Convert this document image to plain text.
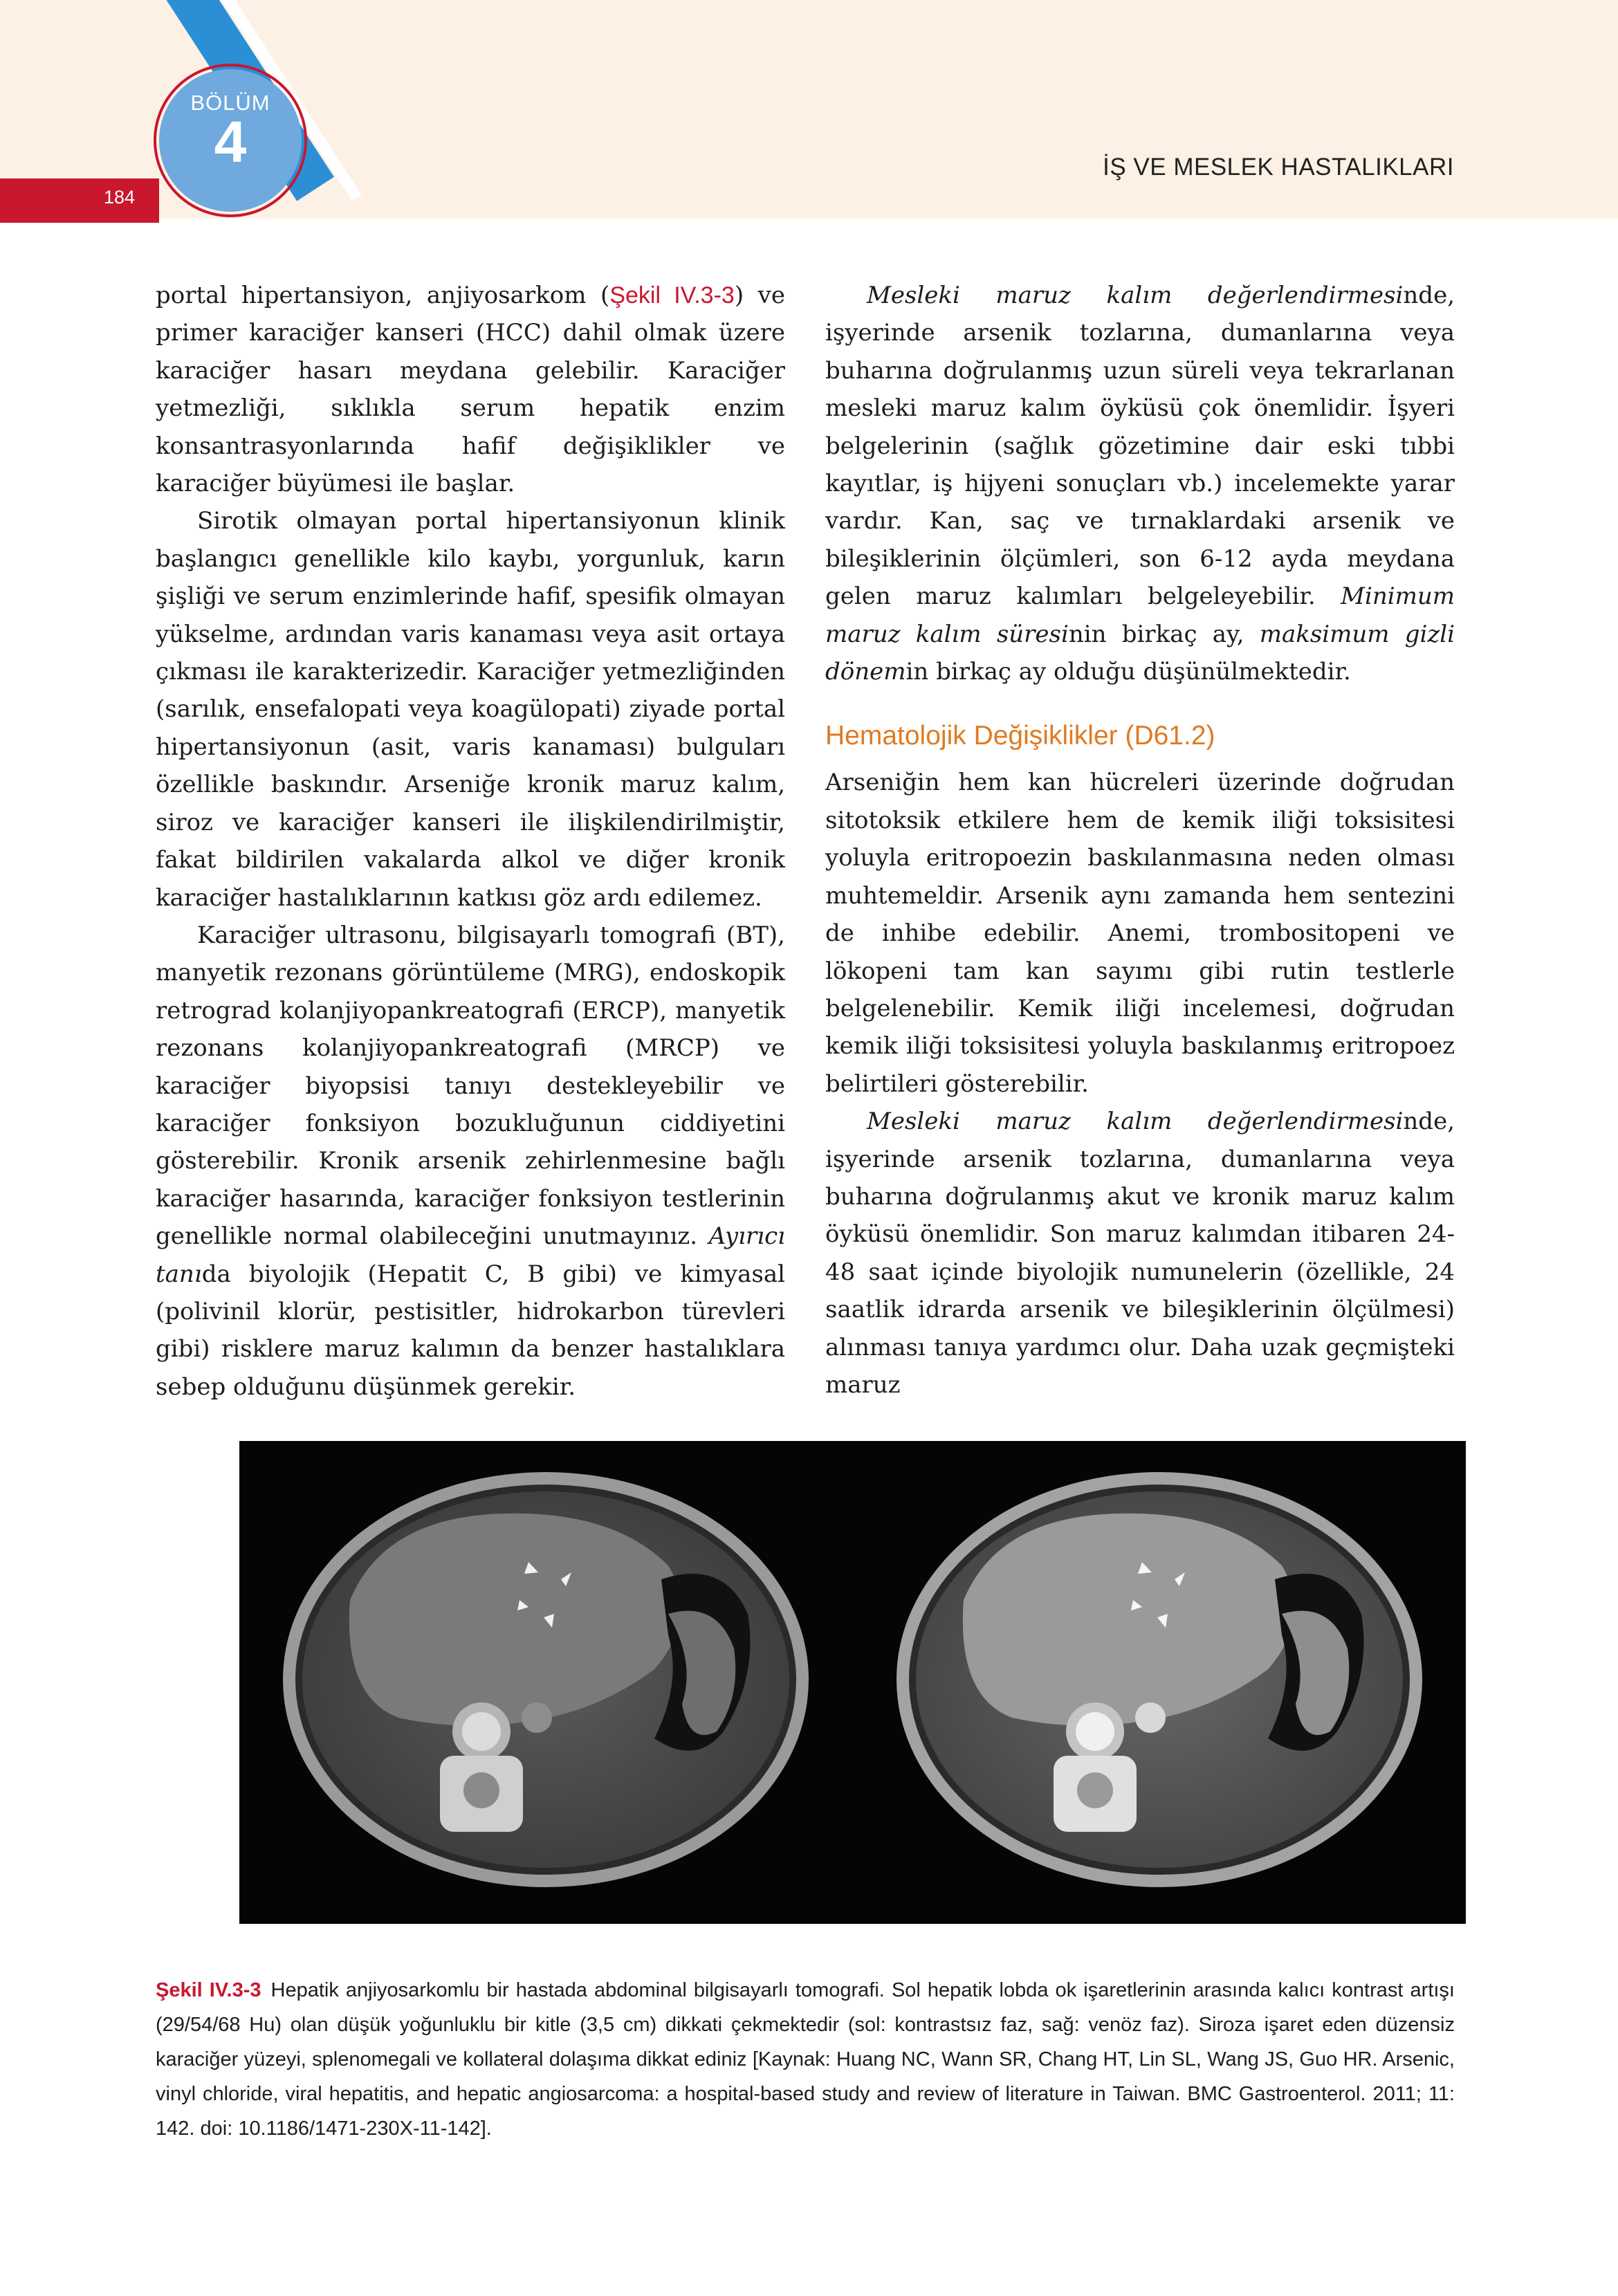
184
BÖLÜM
4	İŞ VE MESLEK HASTALIKLARI

portal hipertansiyon, anjiyosarkom (Şekil IV.3-3) ve primer karaciğer kanseri (HCC) dahil olmak üzere karaciğer hasarı meydana gelebilir. Karaciğer yetmezliği, sıklıkla serum hepatik enzim konsantrasyonlarında hafif değişiklikler ve karaciğer büyümesi ile başlar.

Sirotik olmayan portal hipertansiyonun klinik başlangıcı genellikle kilo kaybı, yorgunluk, karın şişliği ve serum enzimlerinde hafif, spesifik olmayan yükselme, ardından varis kanaması veya asit ortaya çıkması ile karakterizedir. Karaciğer yetmezliğinden (sarılık, ensefalopati veya koagülopati) ziyade portal hipertansiyonun (asit, varis kanaması) bulguları özellikle baskındır. Arseniğe kronik maruz kalım, siroz ve karaciğer kanseri ile ilişkilendirilmiştir, fakat bildirilen vakalarda alkol ve diğer kronik karaciğer hastalıklarının katkısı göz ardı edilemez.

Karaciğer ultrasonu, bilgisayarlı tomografi (BT), manyetik rezonans görüntüleme (MRG), endoskopik retrograd kolanjiyopankreatografi (ERCP), manyetik rezonans kolanjiyopankreatografi (MRCP) ve karaciğer biyopsisi tanıyı destekleyebilir ve karaciğer fonksiyon bozukluğunun ciddiyetini gösterebilir. Kronik arsenik zehirlenmesine bağlı karaciğer hasarında, karaciğer fonksiyon testlerinin genellikle normal olabileceğini unutmayınız. Ayırıcı tanıda biyolojik (Hepatit C, B gibi) ve kimyasal (polivinil klorür, pestisitler, hidrokarbon türevleri gibi) risklere maruz kalımın da benzer hastalıklara sebep olduğunu düşünmek gerekir.

Mesleki maruz kalım değerlendirmesinde, işyerinde arsenik tozlarına, dumanlarına veya buharına doğrulanmış uzun süreli veya tekrarlanan mesleki maruz kalım öyküsü çok önemlidir. İşyeri belgelerinin (sağlık gözetimine dair eski tıbbi kayıtlar, iş hijyeni sonuçları vb.) incelemekte yarar vardır. Kan, saç ve tırnaklardaki arsenik ve bileşiklerinin ölçümleri, son 6-12 ayda meydana gelen maruz kalımları belgeleyebilir. Minimum maruz kalım süresinin birkaç ay, maksimum gizli dönemin birkaç ay olduğu düşünülmektedir.

Hematolojik Değişiklikler (D61.2)

Arseniğin hem kan hücreleri üzerinde doğrudan sitotoksik etkilere hem de kemik iliği toksisitesi yoluyla eritropoezin baskılanmasına neden olması muhtemeldir. Arsenik aynı zamanda hem sentezini de inhibe edebilir. Anemi, trombositopeni ve lökopeni tam kan sayımı gibi rutin testlerle belgelenebilir. Kemik iliği incelemesi, doğrudan kemik iliği toksisitesi yoluyla baskılanmış eritropoez belirtileri gösterebilir.

Mesleki maruz kalım değerlendirmesinde, işyerinde arsenik tozlarına, dumanlarına veya buharına doğrulanmış akut ve kronik maruz kalım öyküsü önemlidir. Son maruz kalımdan itibaren 24-48 saat içinde biyolojik numunelerin (özellikle, 24 saatlik idrarda arsenik ve bileşiklerinin ölçülmesi) alınması tanıya yardımcı olur. Daha uzak geçmişteki maruz

Şekil IV.3-3 Hepatik anjiyosarkomlu bir hastada abdominal bilgisayarlı tomografi. Sol hepatik lobda ok işaretlerinin arasında kalıcı kontrast artışı (29/54/68 Hu) olan düşük yoğunluklu bir kitle (3,5 cm) dikkati çekmektedir (sol: kontrastsız faz, sağ: venöz faz). Siroza işaret eden düzensiz karaciğer yüzeyi, splenomegali ve kollateral dolaşıma dikkat ediniz [Kaynak: Huang NC, Wann SR, Chang HT, Lin SL, Wang JS, Guo HR. Arsenic, vinyl chloride, viral hepatitis, and hepatic angiosarcoma: a hospital-based study and review of literature in Taiwan. BMC Gastroenterol. 2011; 11: 142. doi: 10.1186/1471-230X-11-142].
